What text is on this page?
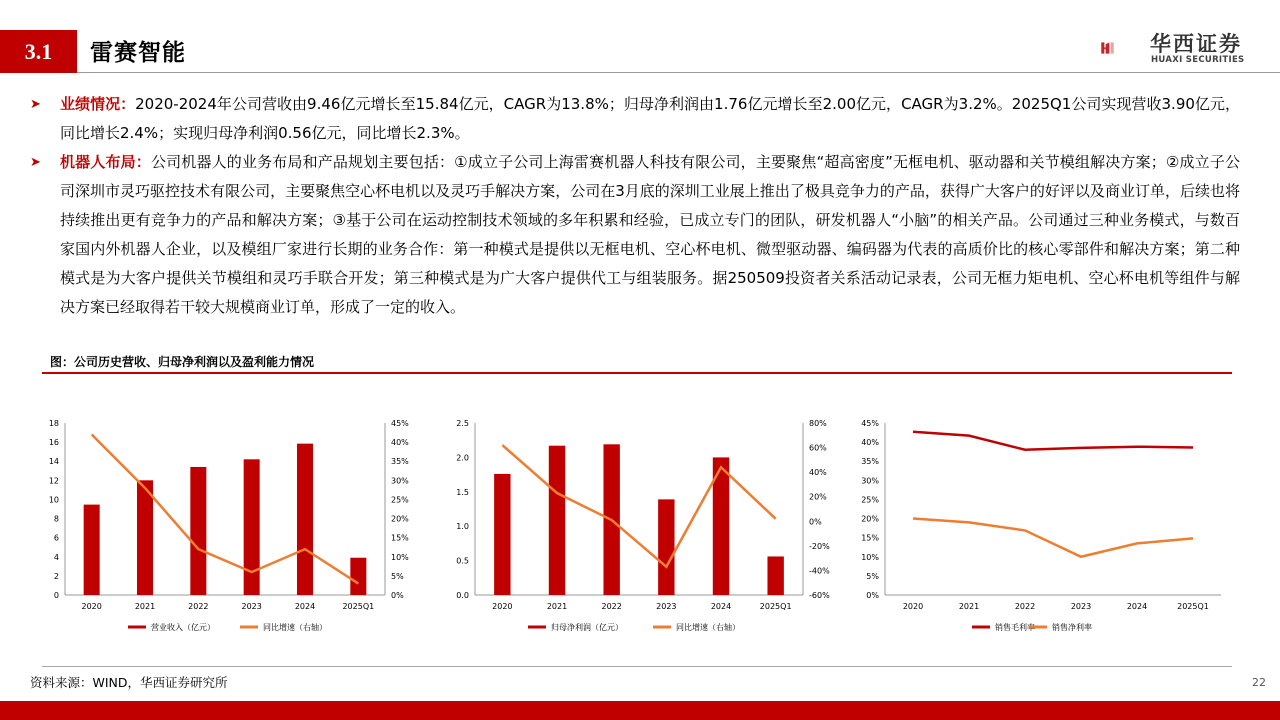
3.1	雷赛智能	华西证券
HUAXI SECURITIES
➤ 业绩情况：2020-2024年公司营收由9.46亿元增长至15.84亿元，CAGR为13.8%；归母净利润由1.76亿元增长至2.00亿元，CAGR为3.2%。2025Q1公司实现营收3.90亿元，同比增长2.4%；实现归母净利润0.56亿元，同比增长2.3%。
➤ 机器人布局：公司机器人的业务布局和产品规划主要包括：①成立子公司上海雷赛机器人科技有限公司，主要聚焦“超高密度”无框电机、驱动器和关节模组解决方案；②成立子公司深圳市灵巧驱控技术有限公司，主要聚焦空心杯电机以及灵巧手解决方案，公司在3月底的深圳工业展上推出了极具竞争力的产品，获得广大客户的好评以及商业订单，后续也将持续推出更有竞争力的产品和解决方案；③基于公司在运动控制技术领域的多年积累和经验，已成立专门的团队，研发机器人“小脑”的相关产品。公司通过三种业务模式，与数百家国内外机器人企业，以及模组厂家进行长期的业务合作：第一种模式是提供以无框电机、空心杯电机、微型驱动器、编码器为代表的高质价比的核心零部件和解决方案；第二种模式是为大客户提供关节模组和灵巧手联合开发；第三种模式是为广大客户提供代工与组装服务。据250509投资者关系活动记录表，公司无框力矩电机、空心杯电机等组件与解决方案已经取得若干较大规模商业订单，形成了一定的收入。
图：公司历史营收、归母净利润以及盈利能力情况
0
2
4
6
8
10
12
14
16
18
0%
5%
10%
15%
20%
25%
30%
35%
40%
45%
2020	2021	2022	2023	2024	2025Q1
营业收入（亿元）	同比增速（右轴）
0.0
0.5
1.0
1.5
2.0
2.5
-60%
-40%
-20%
0%
20%
40%
60%
80%
2020	2021	2022	2023	2024	2025Q1
归母净利润（亿元）	同比增速（右轴）
0%
5%
10%
15%
20%
25%
30%
35%
40%
45%
2020	2021	2022	2023	2024	2025Q1
销售毛利率 销售净利率
资料来源：WIND，华西证券研究所	22
